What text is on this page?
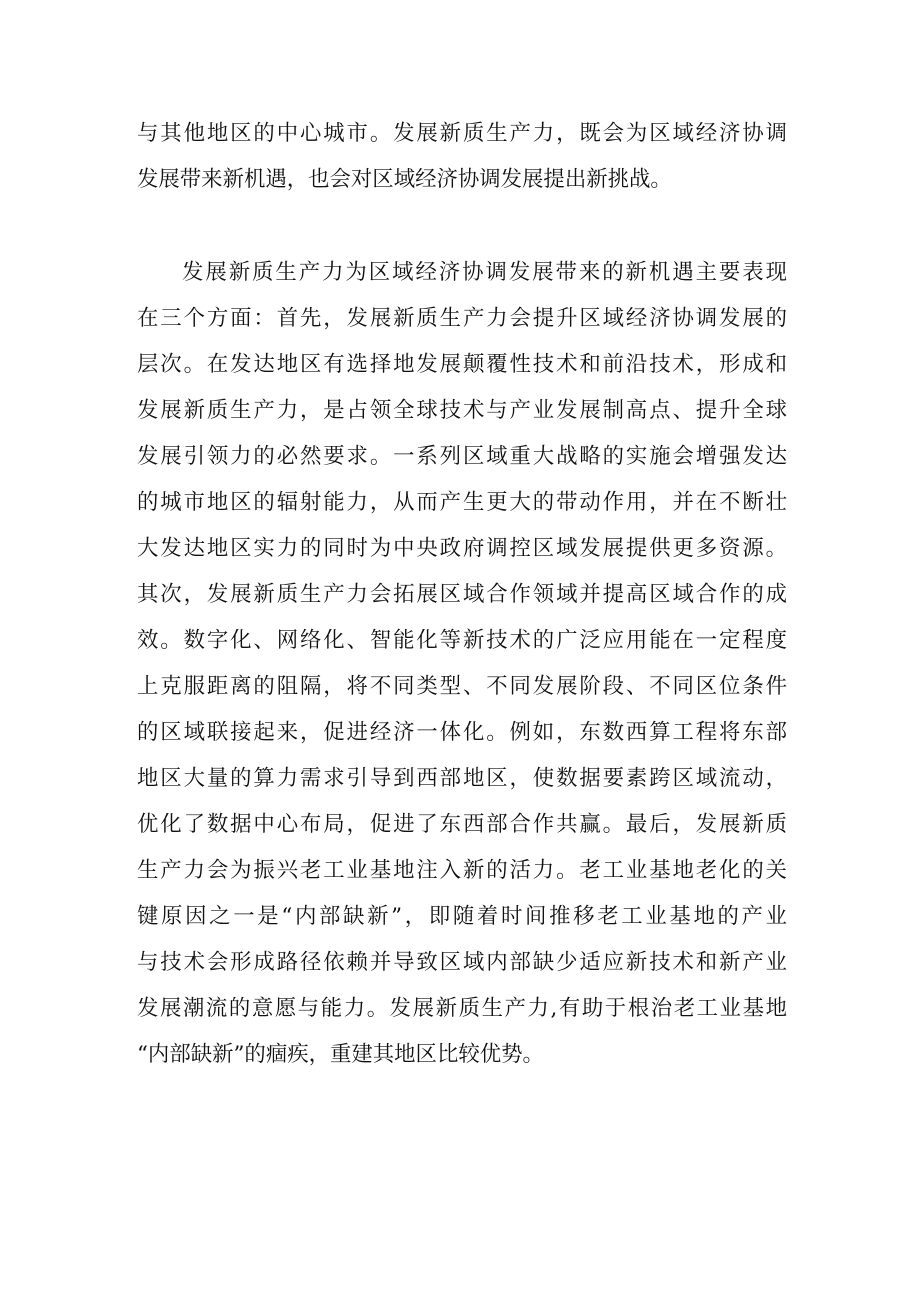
与其他地区的中心城市。发展新质生产力，既会为区域经济协调
发展带来新机遇，也会对区域经济协调发展提出新挑战。
发展新质生产力为区域经济协调发展带来的新机遇主要表现
在三个方面：首先，发展新质生产力会提升区域经济协调发展的
层次。在发达地区有选择地发展颠覆性技术和前沿技术，形成和
发展新质生产力，是占领全球技术与产业发展制高点、提升全球
发展引领力的必然要求。一系列区域重大战略的实施会增强发达
的城市地区的辐射能力，从而产生更大的带动作用，并在不断壮
大发达地区实力的同时为中央政府调控区域发展提供更多资源。
其次，发展新质生产力会拓展区域合作领域并提高区域合作的成
效。数字化、网络化、智能化等新技术的广泛应用能在一定程度
上克服距离的阻隔，将不同类型、不同发展阶段、不同区位条件
的区域联接起来，促进经济一体化。例如，东数西算工程将东部
地区大量的算力需求引导到西部地区，使数据要素跨区域流动，
优化了数据中心布局，促进了东西部合作共赢。最后，发展新质
生产力会为振兴老工业基地注入新的活力。老工业基地老化的关
键原因之一是“内部缺新”，即随着时间推移老工业基地的产业
与技术会形成路径依赖并导致区域内部缺少适应新技术和新产业
发展潮流的意愿与能力。发展新质生产力,有助于根治老工业基地
“内部缺新”的痼疾，重建其地区比较优势。
